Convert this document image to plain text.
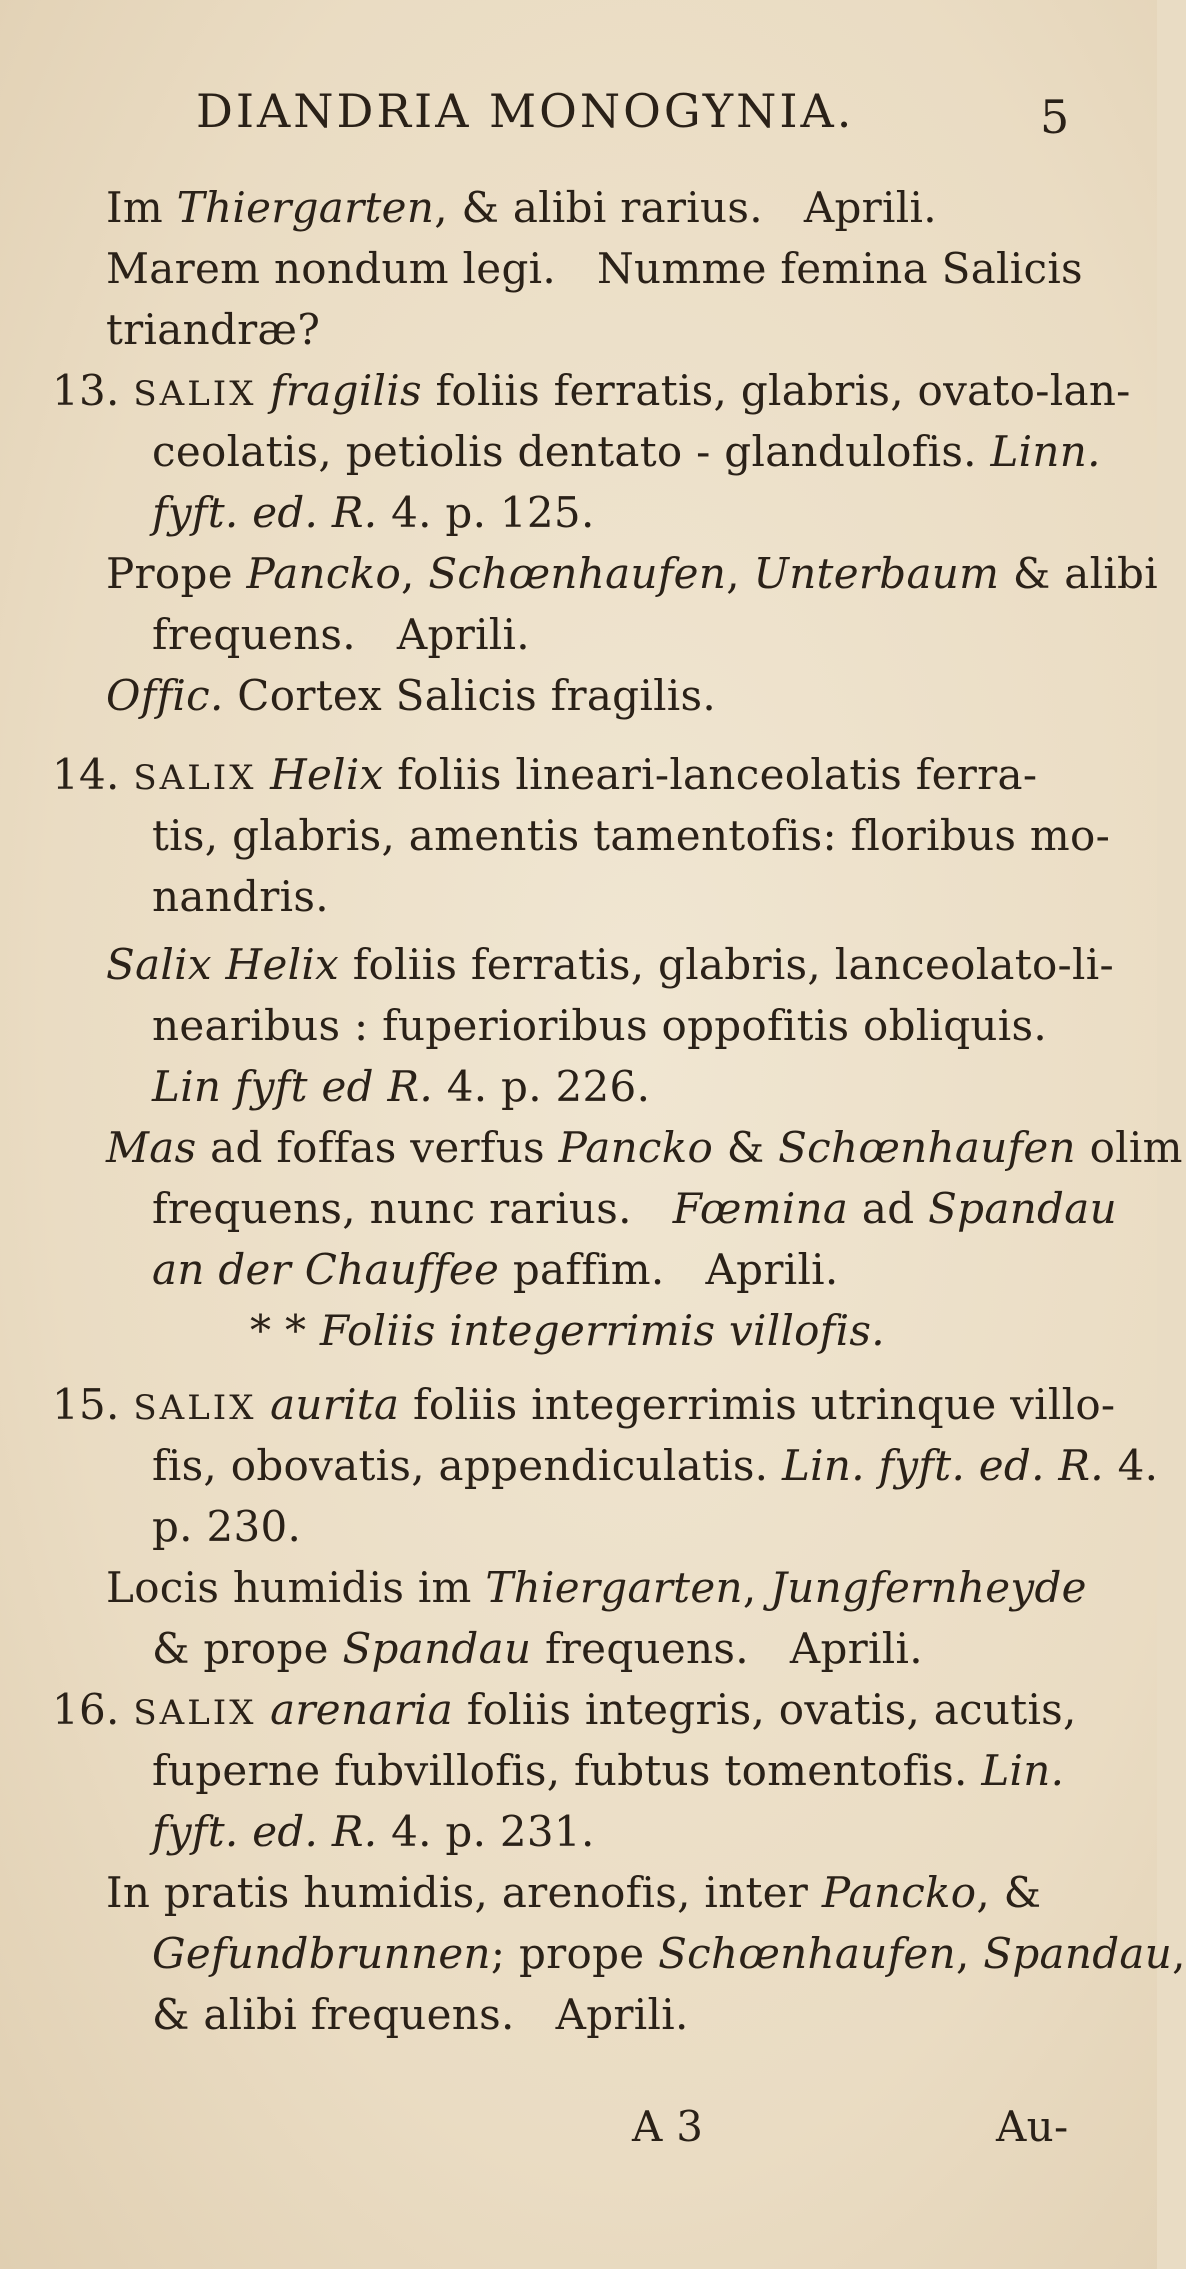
DIANDRIA MONOGYNIA.	5
Im Thiergarten, & alibi rarius.   Aprili.
Marem nondum legi.   Numme femina Salicis
triandræ?
13. SALIX fragilis foliis ferratis, glabris, ovato-lan-
ceolatis, petiolis dentato - glandulofis. Linn.
fyft. ed. R. 4. p. 125.
Prope Pancko, Schœnhaufen, Unterbaum & alibi
frequens.   Aprili.
Offic. Cortex Salicis fragilis.
14. SALIX Helix foliis lineari-lanceolatis ferra-
tis, glabris, amentis tamentofis: floribus mo-
nandris.
Salix Helix foliis ferratis, glabris, lanceolato-li-
nearibus : fuperioribus oppofitis obliquis.
Lin fyft ed R. 4. p. 226.
Mas ad foffas verfus Pancko & Schœnhaufen olim
frequens, nunc rarius.   Fœmina ad Spandau
an der Chauffee paffim.   Aprili.
* * Foliis integerrimis villofis.
15. SALIX aurita foliis integerrimis utrinque villo-
fis, obovatis, appendiculatis. Lin. fyft. ed. R. 4.
p. 230.
Locis humidis im Thiergarten, Jungfernheyde
& prope Spandau frequens.   Aprili.
16. SALIX arenaria foliis integris, ovatis, acutis,
fuperne fubvillofis, fubtus tomentofis. Lin.
fyft. ed. R. 4. p. 231.
In pratis humidis, arenofis, inter Pancko, &
Gefundbrunnen; prope Schœnhaufen, Spandau,
& alibi frequens.   Aprili.
A 3	Au-
